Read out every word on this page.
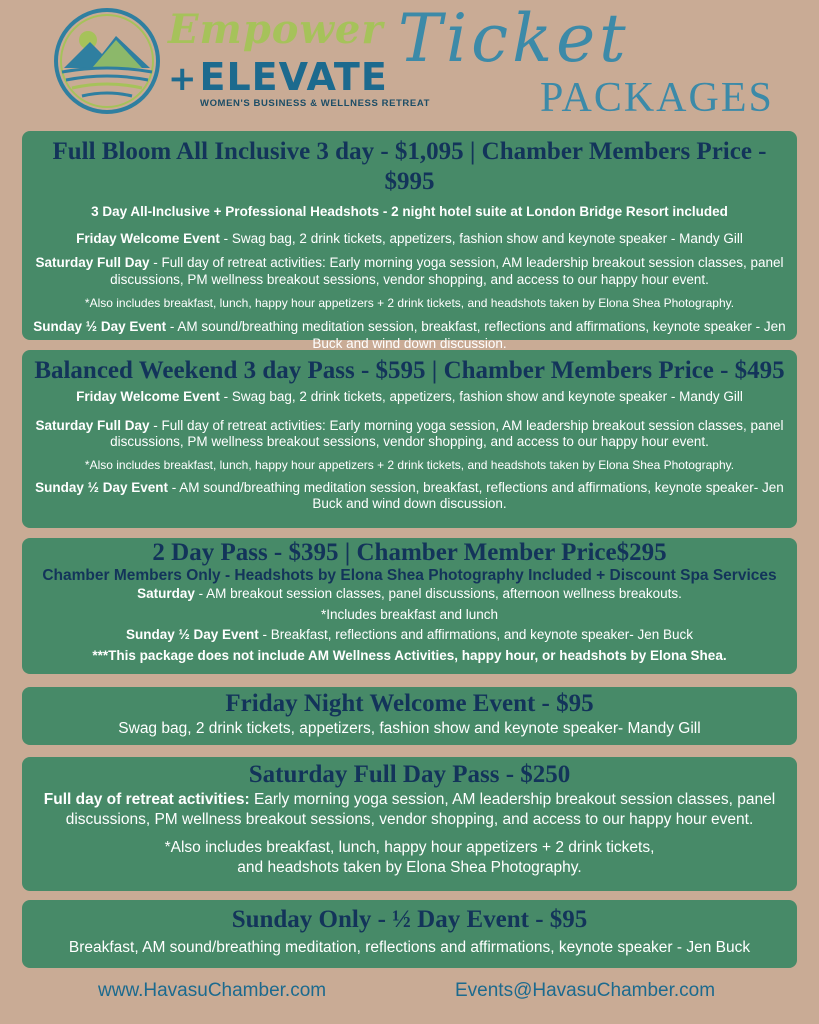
Empower

+ELEVATE

WOMEN'S BUSINESS & WELLNESS RETREAT

Ticket

PACKAGES

Full Bloom All Inclusive 3 day - $1,095 | Chamber Members Price - $995

3 Day All-Inclusive + Professional Headshots - 2 night hotel suite at London Bridge Resort included

Friday Welcome Event - Swag bag, 2 drink tickets, appetizers, fashion show and keynote speaker - Mandy Gill

Saturday Full Day - Full day of retreat activities: Early morning yoga session, AM leadership breakout session classes, panel discussions, PM wellness breakout sessions, vendor shopping, and access to our happy hour event.

*Also includes breakfast, lunch, happy hour appetizers + 2 drink tickets, and headshots taken by Elona Shea Photography.

Sunday ½ Day Event - AM sound/breathing meditation session, breakfast, reflections and affirmations, keynote speaker - Jen Buck and wind down discussion.

Balanced Weekend 3 day Pass - $595 | Chamber Members Price - $495

Friday Welcome Event - Swag bag, 2 drink tickets, appetizers, fashion show and keynote speaker - Mandy Gill

Saturday Full Day - Full day of retreat activities: Early morning yoga session, AM leadership breakout session classes, panel discussions, PM wellness breakout sessions, vendor shopping, and access to our happy hour event.

*Also includes breakfast, lunch, happy hour appetizers + 2 drink tickets, and headshots taken by Elona Shea Photography.

Sunday ½ Day Event - AM sound/breathing meditation session, breakfast, reflections and affirmations, keynote speaker- Jen Buck and wind down discussion.

2 Day Pass - $395 | Chamber Member Price$295

Chamber Members Only - Headshots by Elona Shea Photography Included + Discount Spa Services

Saturday - AM breakout session classes, panel discussions, afternoon wellness breakouts.

*Includes breakfast and lunch

Sunday ½ Day Event - Breakfast, reflections and affirmations, and keynote speaker- Jen Buck

***This package does not include AM Wellness Activities, happy hour, or headshots by Elona Shea.

Friday Night Welcome Event - $95

Swag bag, 2 drink tickets, appetizers, fashion show and keynote speaker- Mandy Gill

Saturday Full Day Pass - $250

Full day of retreat activities: Early morning yoga session, AM leadership breakout session classes, panel discussions, PM wellness breakout sessions, vendor shopping, and access to our happy hour event.

*Also includes breakfast, lunch, happy hour appetizers + 2 drink tickets,

and headshots taken by Elona Shea Photography.

Sunday Only - ½ Day Event - $95

Breakfast, AM sound/breathing meditation, reflections and affirmations, keynote speaker - Jen Buck

www.HavasuChamber.com	Events@HavasuChamber.com
